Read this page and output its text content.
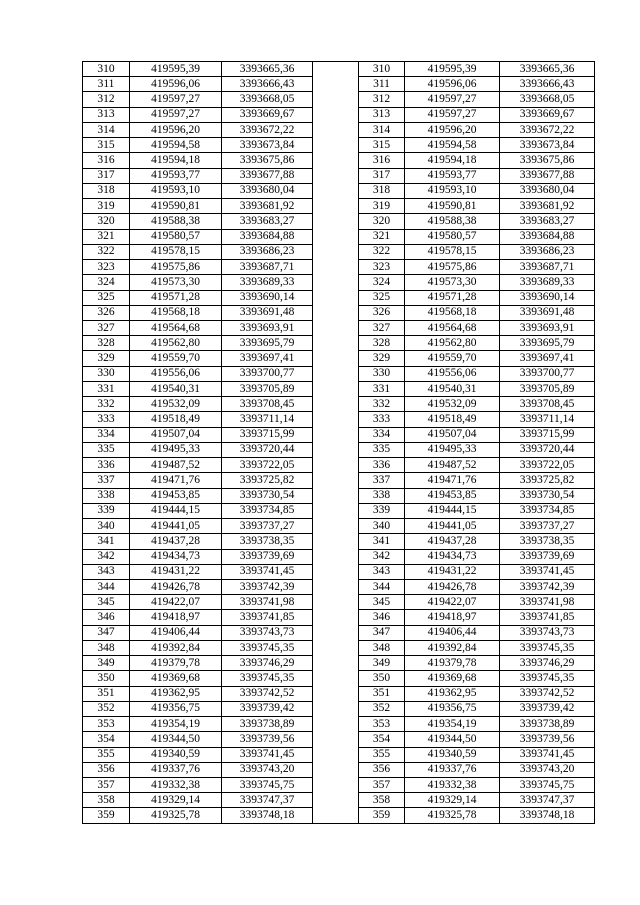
310	419595,39	3393665,36		310	419595,39	3393665,36
311	419596,06	3393666,43		311	419596,06	3393666,43
312	419597,27	3393668,05		312	419597,27	3393668,05
313	419597,27	3393669,67		313	419597,27	3393669,67
314	419596,20	3393672,22		314	419596,20	3393672,22
315	419594,58	3393673,84		315	419594,58	3393673,84
316	419594,18	3393675,86		316	419594,18	3393675,86
317	419593,77	3393677,88		317	419593,77	3393677,88
318	419593,10	3393680,04		318	419593,10	3393680,04
319	419590,81	3393681,92		319	419590,81	3393681,92
320	419588,38	3393683,27		320	419588,38	3393683,27
321	419580,57	3393684,88		321	419580,57	3393684,88
322	419578,15	3393686,23		322	419578,15	3393686,23
323	419575,86	3393687,71		323	419575,86	3393687,71
324	419573,30	3393689,33		324	419573,30	3393689,33
325	419571,28	3393690,14		325	419571,28	3393690,14
326	419568,18	3393691,48		326	419568,18	3393691,48
327	419564,68	3393693,91		327	419564,68	3393693,91
328	419562,80	3393695,79		328	419562,80	3393695,79
329	419559,70	3393697,41		329	419559,70	3393697,41
330	419556,06	3393700,77		330	419556,06	3393700,77
331	419540,31	3393705,89		331	419540,31	3393705,89
332	419532,09	3393708,45		332	419532,09	3393708,45
333	419518,49	3393711,14		333	419518,49	3393711,14
334	419507,04	3393715,99		334	419507,04	3393715,99
335	419495,33	3393720,44		335	419495,33	3393720,44
336	419487,52	3393722,05		336	419487,52	3393722,05
337	419471,76	3393725,82		337	419471,76	3393725,82
338	419453,85	3393730,54		338	419453,85	3393730,54
339	419444,15	3393734,85		339	419444,15	3393734,85
340	419441,05	3393737,27		340	419441,05	3393737,27
341	419437,28	3393738,35		341	419437,28	3393738,35
342	419434,73	3393739,69		342	419434,73	3393739,69
343	419431,22	3393741,45		343	419431,22	3393741,45
344	419426,78	3393742,39		344	419426,78	3393742,39
345	419422,07	3393741,98		345	419422,07	3393741,98
346	419418,97	3393741,85		346	419418,97	3393741,85
347	419406,44	3393743,73		347	419406,44	3393743,73
348	419392,84	3393745,35		348	419392,84	3393745,35
349	419379,78	3393746,29		349	419379,78	3393746,29
350	419369,68	3393745,35		350	419369,68	3393745,35
351	419362,95	3393742,52		351	419362,95	3393742,52
352	419356,75	3393739,42		352	419356,75	3393739,42
353	419354,19	3393738,89		353	419354,19	3393738,89
354	419344,50	3393739,56		354	419344,50	3393739,56
355	419340,59	3393741,45		355	419340,59	3393741,45
356	419337,76	3393743,20		356	419337,76	3393743,20
357	419332,38	3393745,75		357	419332,38	3393745,75
358	419329,14	3393747,37		358	419329,14	3393747,37
359	419325,78	3393748,18		359	419325,78	3393748,18
